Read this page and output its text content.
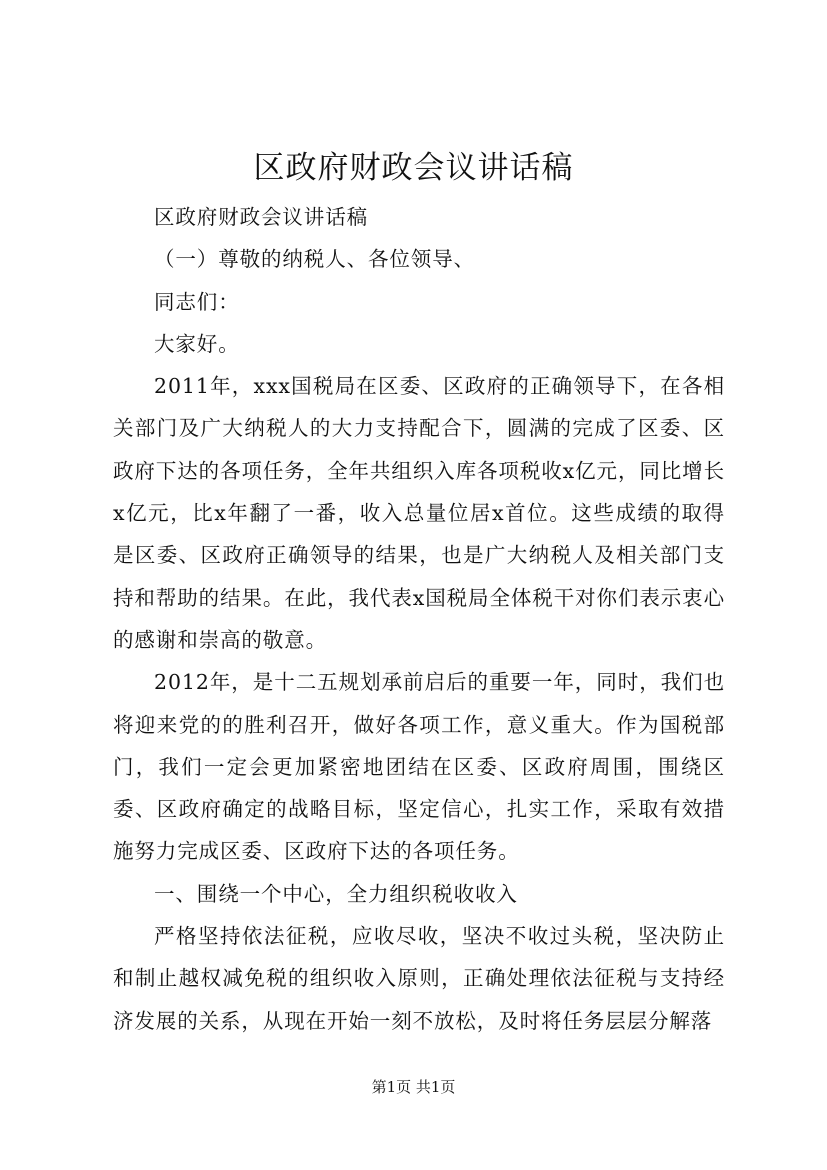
区政府财政会议讲话稿

区政府财政会议讲话稿

（一）尊敬的纳税人、各位领导、

同志们：

大家好。

2011年，xxx国税局在区委、区政府的正确领导下，在各相关部门及广大纳税人的大力支持配合下，圆满的完成了区委、区政府下达的各项任务，全年共组织入库各项税收x亿元，同比增长x亿元，比x年翻了一番，收入总量位居x首位。这些成绩的取得是区委、区政府正确领导的结果，也是广大纳税人及相关部门支持和帮助的结果。在此，我代表x国税局全体税干对你们表示衷心的感谢和崇高的敬意。

2012年，是十二五规划承前启后的重要一年，同时，我们也将迎来党的的胜利召开，做好各项工作，意义重大。作为国税部门，我们一定会更加紧密地团结在区委、区政府周围，围绕区委、区政府确定的战略目标，坚定信心，扎实工作，采取有效措施努力完成区委、区政府下达的各项任务。

一、围绕一个中心，全力组织税收收入

严格坚持依法征税，应收尽收，坚决不收过头税，坚决防止和制止越权减免税的组织收入原则，正确处理依法征税与支持经济发展的关系，从现在开始一刻不放松，及时将任务层层分解落

第1页 共1页
